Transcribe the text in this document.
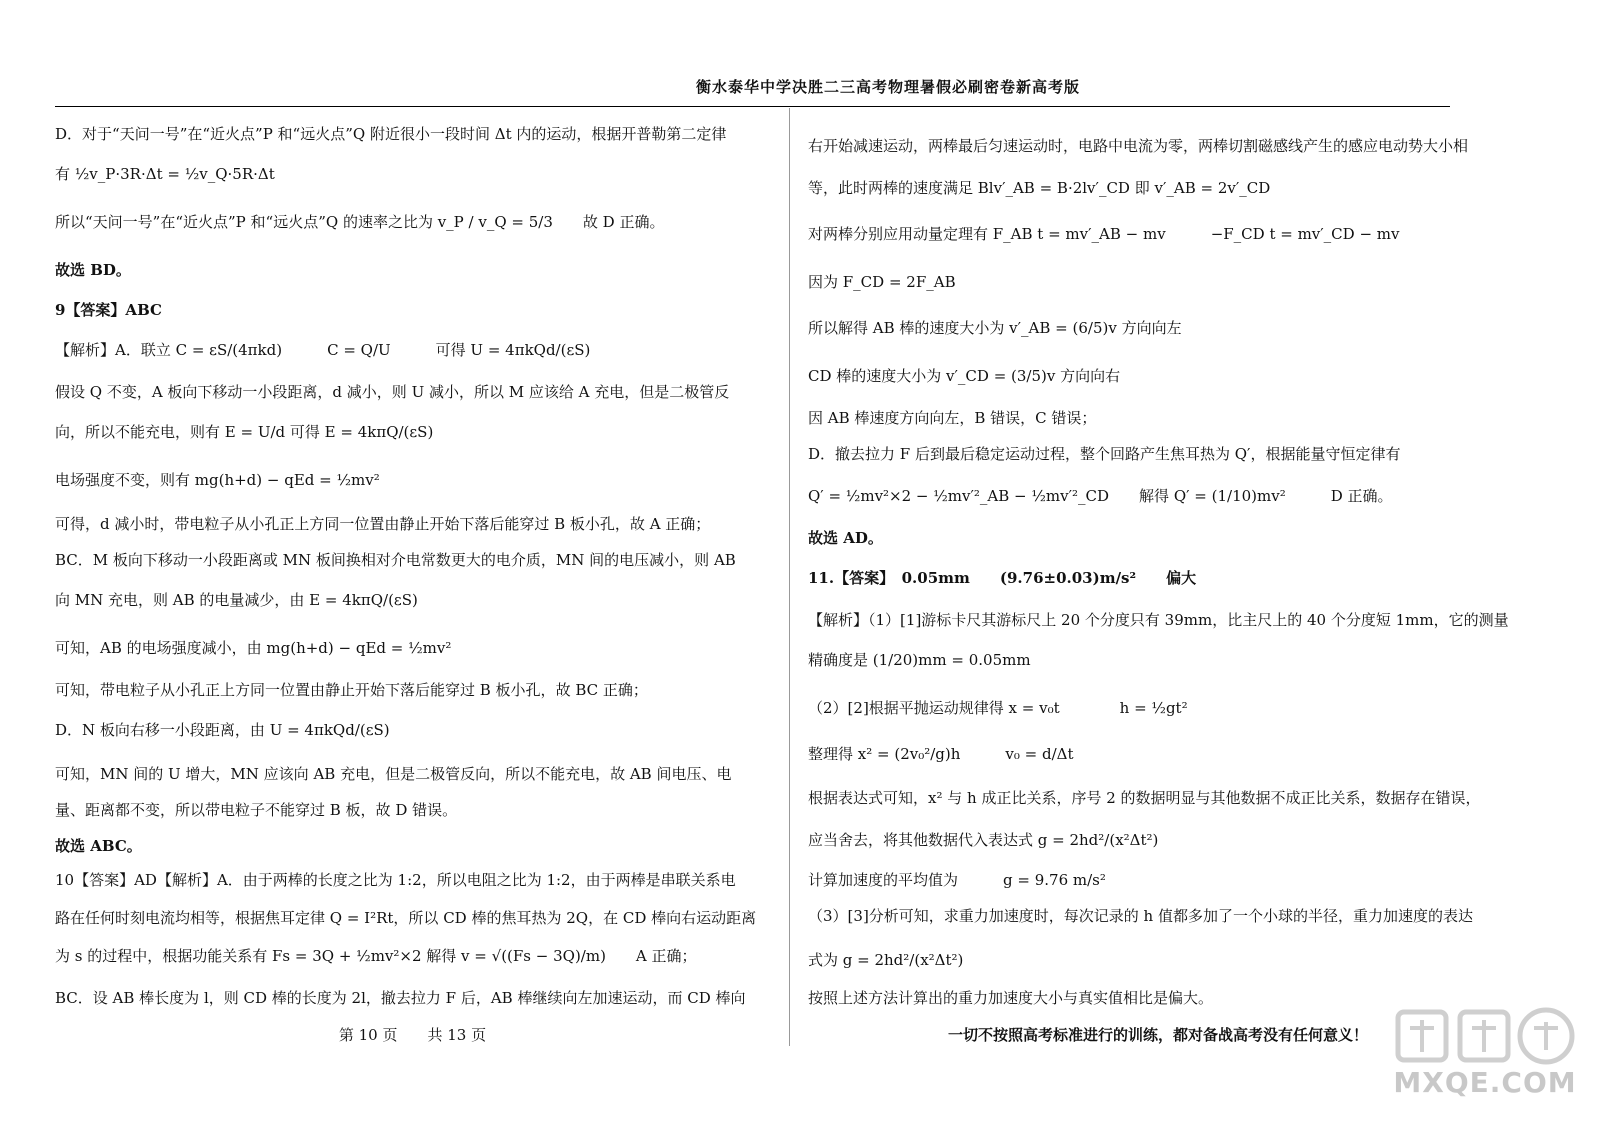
衡水泰华中学决胜二三高考物理暑假必刷密卷新高考版
D．对于“天问一号”在“近火点”P 和“远火点”Q 附近很小一段时间 Δt 内的运动，根据开普勒第二定律
有 ½v_P·3R·Δt = ½v_Q·5R·Δt
所以“天问一号”在“近火点”P 和“远火点”Q 的速率之比为 v_P / v_Q = 5/3　　故 D 正确。
故选 BD。
9【答案】ABC
【解析】A．联立 C = εS/(4πkd)　　　C = Q/U　　　可得 U = 4πkQd/(εS)
假设 Q 不变，A 板向下移动一小段距离，d 减小，则 U 减小，所以 M 应该给 A 充电，但是二极管反
向，所以不能充电，则有 E = U/d 可得 E = 4kπQ/(εS)
电场强度不变，则有 mg(h+d) − qEd = ½mv²
可得，d 减小时，带电粒子从小孔正上方同一位置由静止开始下落后能穿过 B 板小孔，故 A 正确；
BC．M 板向下移动一小段距离或 MN 板间换相对介电常数更大的电介质，MN 间的电压减小，则 AB
向 MN 充电，则 AB 的电量减少，由 E = 4kπQ/(εS)
可知，AB 的电场强度减小，由 mg(h+d) − qEd = ½mv²
可知，带电粒子从小孔正上方同一位置由静止开始下落后能穿过 B 板小孔，故 BC 正确；
D．N 板向右移一小段距离，由 U = 4πkQd/(εS)
可知，MN 间的 U 增大，MN 应该向 AB 充电，但是二极管反向，所以不能充电，故 AB 间电压、电
量、距离都不变，所以带电粒子不能穿过 B 板，故 D 错误。
故选 ABC。
10【答案】AD【解析】A．由于两棒的长度之比为 1:2，所以电阻之比为 1:2，由于两棒是串联关系电
路在任何时刻电流均相等，根据焦耳定律 Q = I²Rt，所以 CD 棒的焦耳热为 2Q，在 CD 棒向右运动距离
为 s 的过程中，根据功能关系有 Fs = 3Q + ½mv²×2 解得 v = √((Fs − 3Q)/m)　　A 正确；
BC．设 AB 棒长度为 l，则 CD 棒的长度为 2l，撤去拉力 F 后，AB 棒继续向左加速运动，而 CD 棒向
右开始减速运动，两棒最后匀速运动时，电路中电流为零，两棒切割磁感线产生的感应电动势大小相
等，此时两棒的速度满足 Blv′_AB = B·2lv′_CD 即 v′_AB = 2v′_CD
对两棒分别应用动量定理有 F_AB t = mv′_AB − mv　　　−F_CD t = mv′_CD − mv
因为 F_CD = 2F_AB
所以解得 AB 棒的速度大小为 v′_AB = (6/5)v 方向向左
CD 棒的速度大小为 v′_CD = (3/5)v 方向向右
因 AB 棒速度方向向左，B 错误，C 错误；
D．撤去拉力 F 后到最后稳定运动过程，整个回路产生焦耳热为 Q′，根据能量守恒定律有
Q′ = ½mv²×2 − ½mv′²_AB − ½mv′²_CD　　解得 Q′ = (1/10)mv²　　　D 正确。
故选 AD。
11.【答案】　0.05mm　　(9.76±0.03)m/s²　　偏大
【解析】（1）[1]游标卡尺其游标尺上 20 个分度只有 39mm，比主尺上的 40 个分度短 1mm，它的测量
精确度是 (1/20)mm = 0.05mm
（2）[2]根据平抛运动规律得 x = v₀t　　　　h = ½gt²
整理得 x² = (2v₀²/g)h　　　v₀ = d/Δt
根据表达式可知，x² 与 h 成正比关系，序号 2 的数据明显与其他数据不成正比关系，数据存在错误，
应当舍去，将其他数据代入表达式 g = 2hd²/(x²Δt²)
计算加速度的平均值为　　　g = 9.76 m/s²
（3）[3]分析可知，求重力加速度时，每次记录的 h 值都多加了一个小球的半径，重力加速度的表达
式为 g = 2hd²/(x²Δt²)
按照上述方法计算出的重力加速度大小与真实值相比是偏大。
第 10 页　　共 13 页	一切不按照高考标准进行的训练，都对备战高考没有任何意义！
MXQE.COM
